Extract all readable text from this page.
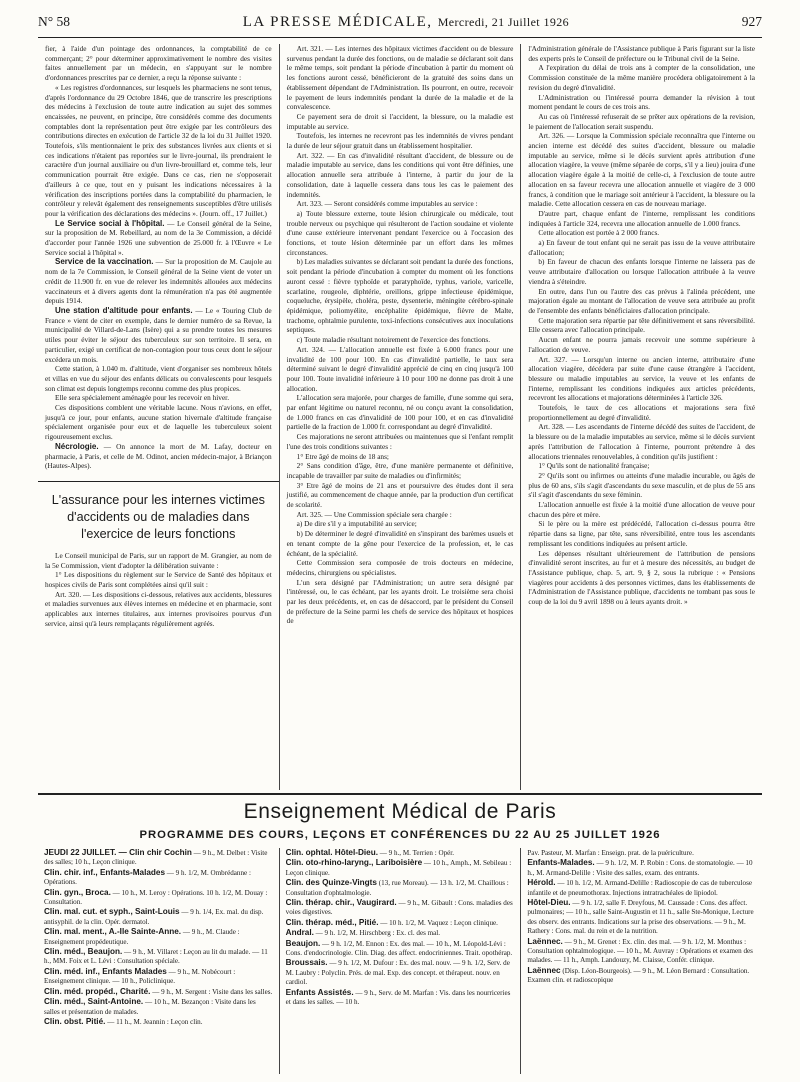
N° 58	LA PRESSE MÉDICALE, Mercredi, 21 Juillet 1926	927

fier, à l'aide d'un pointage des ordonnances, la comptabilité de ce commerçant; 2° pour déterminer approximativement le nombre des visites faites annuellement par un médecin, en s'appuyant sur le nombre d'ordonnances prescrites par ce dernier, a reçu la réponse suivante :

« Les registres d'ordonnances, sur lesquels les pharmaciens ne sont tenus, d'après l'ordonnance du 29 Octobre 1846, que de transcrire les prescriptions des médecins à l'exclusion de toute autre indication au sujet des sommes encaissées, ne peuvent, en principe, être considérés comme des documents comptables dont la représentation peut être exigée par les contrôleurs des contributions directes en exécution de l'article 32 de la loi du 31 Juillet 1920. Toutefois, s'ils mentionnaient le prix des substances livrées aux clients et si ces indications n'étaient pas reportées sur le livre-journal, ils prendraient le caractère d'un journal auxiliaire ou d'un livre-brouillard et, comme tels, leur communication pourrait être exigée. Dans ce cas, rien ne s'opposerait d'ailleurs à ce que, tout en y puisant les indications nécessaires à la vérification des inscriptions portées dans la comptabilité du pharmacien, le contrôleur y relevât également des renseignements susceptibles d'être utilisés pour la vérification des déclarations des médecins ». (Journ. off., 17 Juillet.)

Le Service social à l'hôpital. — Le Conseil général de la Seine, sur la proposition de M. Rebeillard, au nom de la 3e Commission, a décidé d'accorder pour l'année 1926 une subvention de 25.000 fr. à l'Œuvre « Le Service social à l'hôpital ».

Service de la vaccination. — Sur la proposition de M. Caujole au nom de la 7e Commission, le Conseil général de la Seine vient de voter un crédit de 11.900 fr. en vue de relever les indemnités allouées aux médecins vaccinateurs et à divers agents dont la rémunération n'a pas été augmentée depuis 1914.

Une station d'altitude pour enfants. — Le « Touring Club de France » vient de citer en exemple, dans le dernier numéro de sa Revue, la municipalité de Villard-de-Lans (Isère) qui a su prendre toutes les mesures utiles pour éviter le séjour des tuberculeux sur son territoire. Il sera, en particulier, exigé un certificat de non-contagion pour tous ceux dont le séjour excédera un mois.

Cette station, à 1.040 m. d'altitude, vient d'organiser ses nombreux hôtels et villas en vue du séjour des enfants délicats ou convalescents pour lesquels son climat est depuis longtemps reconnu comme des plus propices.

Elle sera spécialement aménagée pour les recevoir en hiver.

Ces dispositions comblent une véritable lacune. Nous n'avions, en effet, jusqu'à ce jour, pour enfants, aucune station hivernale d'altitude française spécialement organisée pour eux et de laquelle les tuberculeux soient rigoureusement exclus.

Nécrologie. — On annonce la mort de M. Lafay, docteur en pharmacie, à Paris, et celle de M. Odinot, ancien médecin-major, à Briançon (Hautes-Alpes).

L'assurance pour les internes victimes d'accidents ou de maladies dans l'exercice de leurs fonctions

Le Conseil municipal de Paris, sur un rapport de M. Grangier, au nom de la 5e Commission, vient d'adopter la délibération suivante :

1° Les dispositions du règlement sur le Service de Santé des hôpitaux et hospices civils de Paris sont complétées ainsi qu'il suit :

Art. 320. — Les dispositions ci-dessous, relatives aux accidents, blessures et maladies survenues aux élèves internes en médecine et en pharmacie, sont applicables aux internes titulaires, aux internes provisoires pourvus d'un service, ainsi qu'à leurs remplaçants régulièrement agréés.

Art. 321. — Les internes des hôpitaux victimes d'accident ou de blessure survenus pendant la durée des fonctions, ou de maladie se déclarant soit dans le même temps, soit pendant la période d'incubation à partir du moment où les fonctions auront cessé, bénéficieront de la gratuité des soins dans un établissement dépendant de l'Administration. Ils pourront, en outre, recevoir le payement de leurs indemnités pendant la durée de la maladie et de la convalescence.

Ce payement sera de droit si l'accident, la blessure, ou la maladie est imputable au service.

Toutefois, les internes ne recevront pas les indemnités de vivres pendant la durée de leur séjour gratuit dans un établissement hospitalier.

Art. 322. — En cas d'invalidité résultant d'accident, de blessure ou de maladie imputable au service, dans les conditions qui vont être définies, une allocation annuelle sera attribuée à l'interne, à partir du jour de la consolidation, date à laquelle cessera dans tous les cas le paiement des indemnités.

Art. 323. — Seront considérés comme imputables au service :

a) Toute blessure externe, toute lésion chirurgicale ou médicale, tout trouble nerveux ou psychique qui résulteront de l'action soudaine et violente d'une cause extérieure intervenant pendant l'exercice ou à l'occasion des fonctions, et toute lésion déterminée par un effort dans les mêmes circonstances.

b) Les maladies suivantes se déclarant soit pendant la durée des fonctions, soit pendant la période d'incubation à compter du moment où les fonctions auront cessé : fièvre typhoïde et paratyphoïde, typhus, variole, varicelle, scarlatine, rougeole, diphtérie, oreillons, grippe infectieuse épidémique, coqueluche, érysipèle, choléra, peste, dysenterie, méningite cérébro-spinale épidémique, poliomyélite, encéphalite épidémique, fièvre de Malte, trachome, ophtalmie purulente, toxi-infections consécutives aux inoculations septiques.

c) Toute maladie résultant notoirement de l'exercice des fonctions.

Art. 324. — L'allocation annuelle est fixée à 6.000 francs pour une invalidité de 100 pour 100. En cas d'invalidité partielle, le taux sera déterminé suivant le degré d'invalidité apprécié de cinq en cinq jusqu'à 100 pour 100. Toute invalidité inférieure à 10 pour 100 ne donne pas droit à une allocation.

L'allocation sera majorée, pour charges de famille, d'une somme qui sera, par enfant légitime ou naturel reconnu, né ou conçu avant la consolidation, de 1.000 francs en cas d'invalidité de 100 pour 100, et en cas d'invalidité partielle de la fraction de 1.000 fr. correspondant au degré d'invalidité.

Ces majorations ne seront attribuées ou maintenues que si l'enfant remplit l'une des trois conditions suivantes :

1° Etre âgé de moins de 18 ans;

2° Sans condition d'âge, être, d'une manière permanente et définitive, incapable de travailler par suite de maladies ou d'infirmités;

3° Etre âgé de moins de 21 ans et poursuivre des études dont il sera justifié, au commencement de chaque année, par la production d'un certificat de scolarité.

Art. 325. — Une Commission spéciale sera chargée :

a) De dire s'il y a imputabilité au service;

b) De déterminer le degré d'invalidité en s'inspirant des barèmes usuels et en tenant compte de la gêne pour l'exercice de la profession, et, le cas échéant, de la spécialité.

Cette Commission sera composée de trois docteurs en médecine, médecins, chirurgiens ou spécialistes.

L'un sera désigné par l'Administration; un autre sera désigné par l'intéressé, ou, le cas échéant, par les ayants droit. Le troisième sera choisi par les deux précédents, et, en cas de désaccord, par le président du Conseil de préfecture de la Seine parmi les chefs de service des hôpitaux et hospices de

l'Administration générale de l'Assistance publique à Paris figurant sur la liste des experts près le Conseil de préfecture ou le Tribunal civil de la Seine.

A l'expiration du délai de trois ans à compter de la consolidation, une Commission constituée de la même manière procédera obligatoirement à la revision du degré d'invalidité.

L'Administration ou l'intéressé pourra demander la révision à tout moment pendant le cours de ces trois ans.

Au cas où l'intéressé refuserait de se prêter aux opérations de la revision, le paiement de l'allocation serait suspendu.

Art. 326. — Lorsque la Commission spéciale reconnaîtra que l'interne ou ancien interne est décédé des suites d'accident, blessure ou maladie imputable au service, même si le décès survient après attribution d'une allocation viagère, la veuve (même séparée de corps, s'il y a lieu) jouira d'une allocation viagère égale à la moitié de celle-ci, à l'exclusion de toute autre allocation en sa faveur recevra une allocation annuelle et viagère de 3 000 francs, à condition que le mariage soit antérieur à l'accident, la blessure ou la maladie. Cette allocation cessera en cas de nouveau mariage.

D'autre part, chaque enfant de l'interne, remplissant les conditions indiquées à l'article 324, recevra une allocation annuelle de 1.000 francs.

Cette allocation est portée à 2 000 francs.

a) En faveur de tout enfant qui ne serait pas issu de la veuve attributaire d'allocation;

b) En faveur de chacun des enfants lorsque l'interne ne laissera pas de veuve attributaire d'allocation ou lorsque l'allocation attribuée à la veuve viendra à s'éteindre.

En outre, dans l'un ou l'autre des cas prévus à l'alinéa précédent, une majoration égale au montant de l'allocation de veuve sera attribuée au profit de l'ensemble des enfants bénéficiaires d'allocation principale.

Cette majoration sera répartie par tête définitivement et sans réversibilité. Elle cessera avec l'allocation principale.

Aucun enfant ne pourra jamais recevoir une somme supérieure à l'allocation de veuve.

Art. 327. — Lorsqu'un interne ou ancien interne, attributaire d'une allocation viagère, décédera par suite d'une cause étrangère à l'accident, blessure ou maladie imputables au service, la veuve et les enfants de l'interne, remplissant les conditions indiquées aux articles précédents, recevront les allocations et majorations déterminées à l'article 326.

Toutefois, le taux de ces allocations et majorations sera fixé proportionnellement au degré d'invalidité.

Art. 328. — Les ascendants de l'interne décédé des suites de l'accident, de la blessure ou de la maladie imputables au service, même si le décès survient après l'attribution de l'allocation à l'interne, pourront prétendre à des allocations triennales renouvelables, à condition qu'ils justifient :

1° Qu'ils sont de nationalité française;

2° Qu'ils sont ou infirmes ou atteints d'une maladie incurable, ou âgés de plus de 60 ans, s'ils s'agit d'ascendants du sexe masculin, et de plus de 55 ans s'il s'agit d'ascendants du sexe féminin.

L'allocation annuelle est fixée à la moitié d'une allocation de veuve pour chacun des père et mère.

Si le père ou la mère est prédécédé, l'allocation ci-dessus pourra être répartie dans sa ligne, par tête, sans réversibilité, entre tous les ascendants remplissant les conditions indiquées au présent article.

Les dépenses résultant ultérieurement de l'attribution de pensions d'invalidité seront inscrites, au fur et à mesure des nécessités, au budget de l'Assistance publique, chap. 5, art. 9, § 2, sous la rubrique : « Pensions viagères pour accidents à des personnes victimes, dans les établissements de l'Administration de l'Assistance publique, d'accidents ne tombant pas sous le coup de la loi du 9 avril 1898 ou à leurs ayants droit. »

Enseignement Médical de Paris
PROGRAMME DES COURS, LEÇONS ET CONFÉRENCES DU 22 AU 25 JUILLET 1926
JEUDI 22 JUILLET. — Clin chir Cochin — 9 h., M. Delbet : Visite des salles; 10 h., Leçon clinique.
Clin. chir. inf., Enfants-Malades — 9 h. 1/2, M. Ombrédanne : Opérations.
Clin. gyn., Broca. — 10 h., M. Leroy : Opérations. 10 h. 1/2, M. Douay : Consultation.
Clin. mal. cut. et syph., Saint-Louis — 9 h. 1/4, Ex. mal. du disp. antisyphil. de la clin. Opér. dermatol.
Clin. mal. ment., A.-Ile Sainte-Anne. — 9 h., M. Claude : Enseignement propédeutique.
Clin. méd., Beaujon. — 9 h., M. Villaret : Leçon au lit du malade. — 11 h., MM. Foix et L. Lévi : Consultation spéciale.
Clin. méd. inf., Enfants Malades — 9 h., M. Nobécourt : Enseignement clinique. — 10 h., Policlinique.
Clin. méd. propéd., Charité. — 9 h., M. Sergent : Visite dans les salles.
Clin. méd., Saint-Antoine. — 10 h., M. Bezançon : Visite dans les salles et présentation de malades.
Clin. obst. Pitié. — 11 h., M. Jeannin : Leçon clin.
Clin. ophtal. Hôtel-Dieu. — 9 h., M. Terrien : Opér.
Clin. oto-rhino-laryng., Lariboisière — 10 h., Amph., M. Sebileau : Leçon clinique.
Clin. des Quinze-Vingts (13, rue Moreau). — 13 h. 1/2, M. Chaillous : Consultation d'ophtalmologie.
Clin. thérap. chir., Vaugirard. — 9 h., M. Gibault : Cons. maladies des voies digestives.
Clin. thérap. méd., Pitié. — 10 h. 1/2, M. Vaquez : Leçon clinique.
Andral. — 9 h. 1/2, M. Hirschberg : Ex. cl. des mal.
Beaujon. — 9 h. 1/2, M. Ennon : Ex. des mal. — 10 h., M. Léopold-Lévi : Cons. d'endocrinologie. Clin. Diag. des affect. endocriniennes. Trait. opothérap.
Broussais. — 9 h. 1/2, M. Dufour : Ex. des mal. nouv. — 9 h. 1/2, Serv. de M. Laubry : Polyclin. Prés. de mal. Exp. des concept. et thérapeut. nouv. en cardiol.
Enfants Assistés. — 9 h., Serv. de M. Marfan : Vis. dans les nourriceries et dans les salles. — 10 h.
Pav. Pasteur, M. Marfan : Enseign. prat. de la puériculture.
Enfants-Malades. — 9 h. 1/2, M. P. Robin : Cons. de stomatologie. — 10 h., M. Armand-Delille : Visite des salles, exam. des entrants.
Hérold. — 10 h. 1/2, M. Armand-Delille : Radioscopie de cas de tuberculose infantile et de pneumothorax. Injections intratrachéales de lipiodol.
Hôtel-Dieu. — 9 h. 1/2, salle F. Dreyfous, M. Caussade : Cons. des affect. pulmonaires; — 10 h., salle Saint-Augustin et 11 h., salle Ste-Monique, Lecture des observ. des entrants. Indications sur la prise des observations. — 9 h., M. Rathery : Cons. mal. du rein et de la nutrition.
Laënnec. — 9 h., M. Grenet : Ex. clin. des mal. — 9 h. 1/2, M. Monthus : Consultation ophtalmologique. — 10 h., M. Auvray : Opérations et examen des malades. — 11 h., Amph. Landouzy, M. Claisse, Confér. clinique.
Laënnec (Disp. Léon-Bourgeois). — 9 h., M. Léon Bernard : Consultation. Examen clin. et radioscopique
